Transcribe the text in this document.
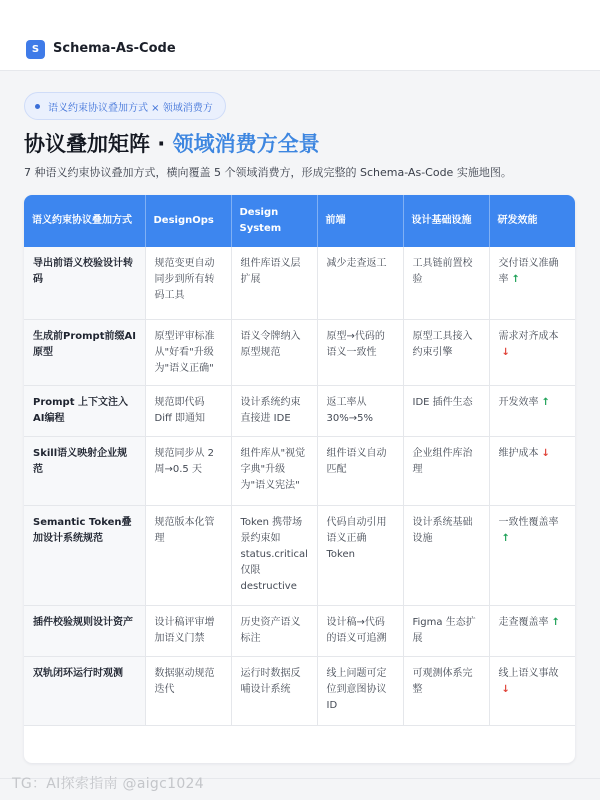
S	Schema-As-Code
语义约束协议叠加方式 × 领域消费方
协议叠加矩阵 · 领域消费方全景
7 种语义约束协议叠加方式，横向覆盖 5 个领域消费方，形成完整的 Schema-As-Code 实施地图。
语义约束协议叠加方式	DesignOps	Design System	前端	设计基础设施	研发效能
导出前语义校验设计转码	规范变更自动同步到所有转码工具	组件库语义层扩展	减少走查返工	工具链前置校验	交付语义准确率 ↑
生成前Prompt前缀AI原型	原型评审标准从"好看"升级为"语义正确"	语义令牌纳入原型规范	原型→代码的语义一致性	原型工具接入约束引擎	需求对齐成本↓
Prompt 上下文注入AI编程	规范即代码 Diff 即通知	设计系统约束直接进 IDE	返工率从 30%→5%	IDE 插件生态	开发效率 ↑
Skill语义映射企业规范	规范同步从 2 周→0.5 天	组件库从"视觉字典"升级为"语义宪法"	组件语义自动匹配	企业组件库治理	维护成本 ↓
Semantic Token叠加设计系统规范	规范版本化管理	Token 携带场景约束如 status.critical 仅限 destructive	代码自动引用语义正确 Token	设计系统基础设施	一致性覆盖率↑
插件校验规则设计资产	设计稿评审增加语义门禁	历史资产语义标注	设计稿→代码的语义可追溯	Figma 生态扩展	走查覆盖率 ↑
双轨闭环运行时观测	数据驱动规范迭代	运行时数据反哺设计系统	线上问题可定位到意图协议 ID	可观测体系完整	线上语义事故↓
TG：AI探索指南 @aigc1024
